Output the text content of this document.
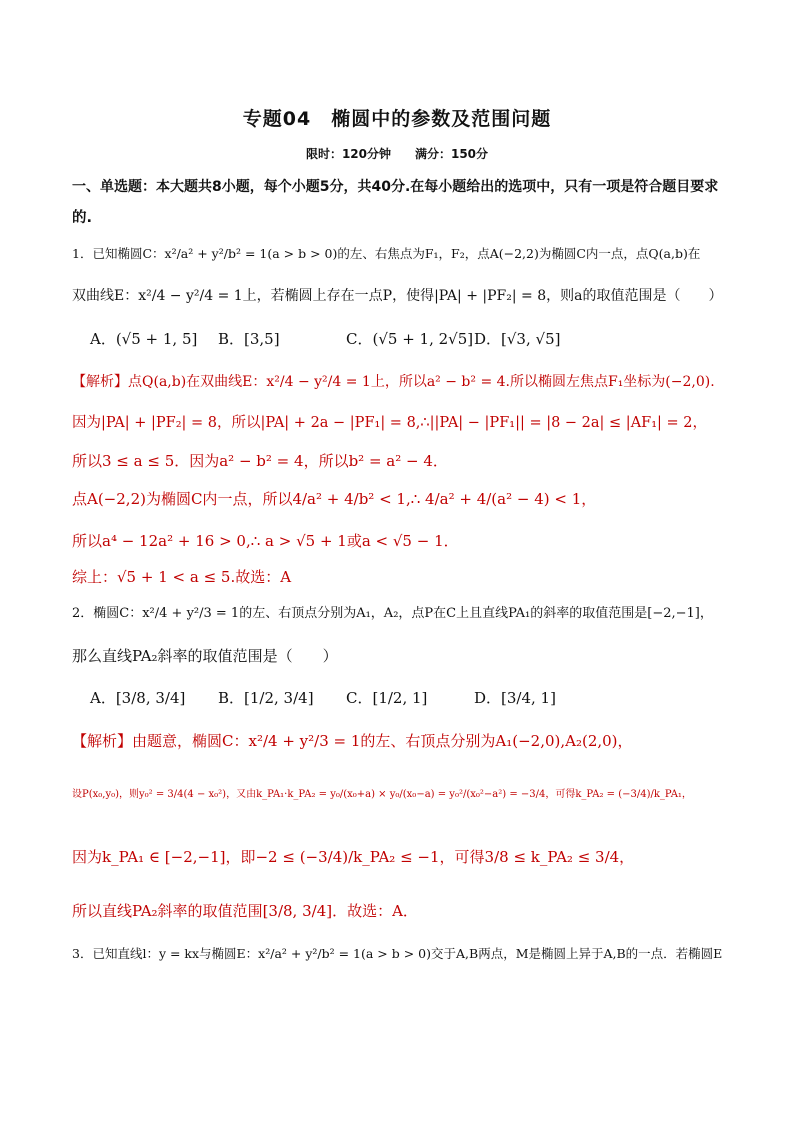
专题04　椭圆中的参数及范围问题
限时：120分钟　　满分：150分
一、单选题：本大题共8小题，每个小题5分，共40分.在每小题给出的选项中，只有一项是符合题目要求
的.
1．已知椭圆C：x²/a² + y²/b² = 1(a > b > 0)的左、右焦点为F₁，F₂，点A(−2,2)为椭圆C内一点，点Q(a,b)在
双曲线E：x²/4 − y²/4 = 1上，若椭圆上存在一点P，使得|PA| + |PF₂| = 8，则a的取值范围是（　　）
A．(√5 + 1, 5] B．[3,5]	C．(√5 + 1, 2√5]D．[√3, √5]
【解析】点Q(a,b)在双曲线E：x²/4 − y²/4 = 1上，所以a² − b² = 4.所以椭圆左焦点F₁坐标为(−2,0).
因为|PA| + |PF₂| = 8，所以|PA| + 2a − |PF₁| = 8,∴||PA| − |PF₁|| = |8 − 2a| ≤ |AF₁| = 2，
所以3 ≤ a ≤ 5．因为a² − b² = 4，所以b² = a² − 4．
点A(−2,2)为椭圆C内一点，所以4/a² + 4/b² < 1,∴ 4/a² + 4/(a² − 4) < 1，
所以a⁴ − 12a² + 16 > 0,∴ a > √5 + 1或a < √5 − 1．
综上：√5 + 1 < a ≤ 5.故选：A
2．椭圆C：x²/4 + y²/3 = 1的左、右顶点分别为A₁，A₂，点P在C上且直线PA₁的斜率的取值范围是[−2,−1]，
那么直线PA₂斜率的取值范围是（　　）
A．[3/8, 3/4] B．[1/2, 3/4] C．[1/2, 1]	D．[3/4, 1]
【解析】由题意，椭圆C：x²/4 + y²/3 = 1的左、右顶点分别为A₁(−2,0),A₂(2,0)，
设P(x₀,y₀)，则y₀² = 3/4(4 − x₀²)，又由k_PA₁·k_PA₂ = y₀/(x₀+a) × y₀/(x₀−a) = y₀²/(x₀²−a²) = −3/4，可得k_PA₂ = (−3/4)/k_PA₁，
因为k_PA₁ ∈ [−2,−1]，即−2 ≤ (−3/4)/k_PA₂ ≤ −1，可得3/8 ≤ k_PA₂ ≤ 3/4，
所以直线PA₂斜率的取值范围[3/8, 3/4]．故选：A．
3．已知直线l：y = kx与椭圆E：x²/a² + y²/b² = 1(a > b > 0)交于A,B两点，M是椭圆上异于A,B的一点．若椭圆E
